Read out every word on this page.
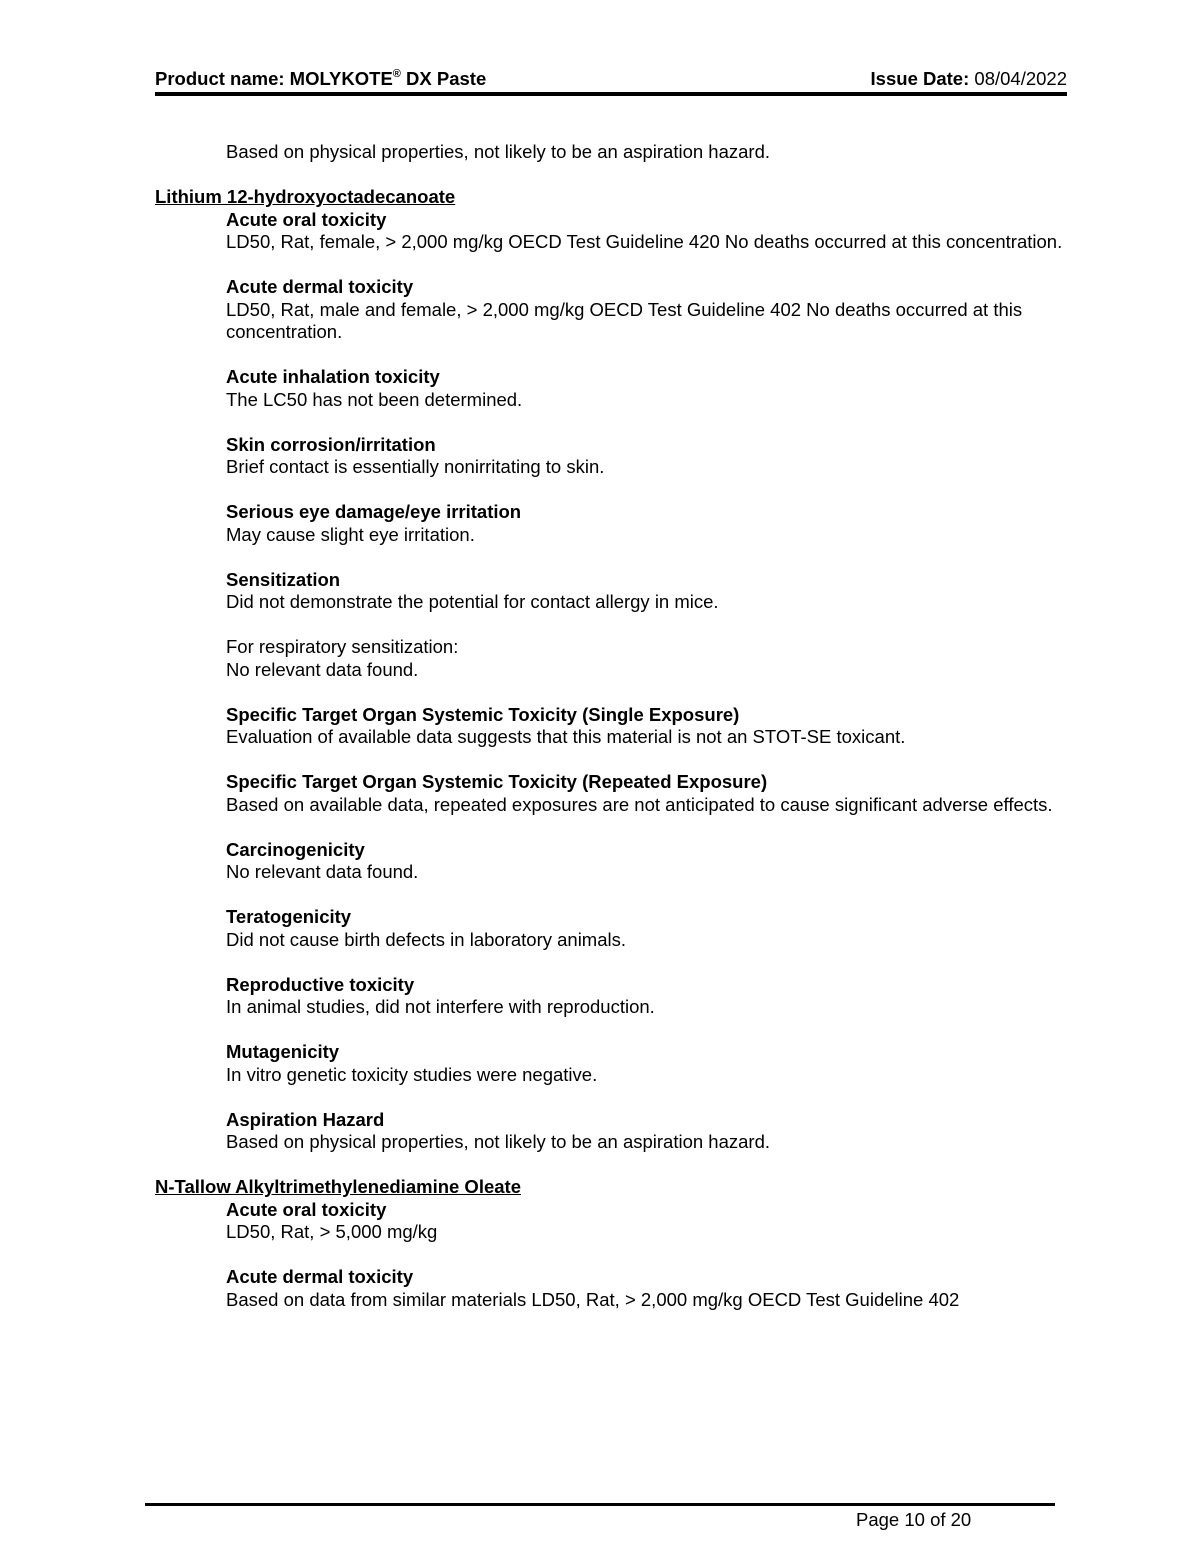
Product name: MOLYKOTE® DX Paste	Issue Date: 08/04/2022

Based on physical properties, not likely to be an aspiration hazard.

Lithium 12-hydroxyoctadecanoate

Acute oral toxicity
LD50, Rat, female, > 2,000 mg/kg OECD Test Guideline 420 No deaths occurred at this concentration.
Acute dermal toxicity
LD50, Rat, male and female, > 2,000 mg/kg OECD Test Guideline 402 No deaths occurred at this concentration.
Acute inhalation toxicity
The LC50 has not been determined.
Skin corrosion/irritation
Brief contact is essentially nonirritating to skin.
Serious eye damage/eye irritation
May cause slight eye irritation.
Sensitization
Did not demonstrate the potential for contact allergy in mice.
For respiratory sensitization:
No relevant data found.
Specific Target Organ Systemic Toxicity (Single Exposure)
Evaluation of available data suggests that this material is not an STOT-SE toxicant.
Specific Target Organ Systemic Toxicity (Repeated Exposure)
Based on available data, repeated exposures are not anticipated to cause significant adverse effects.
Carcinogenicity
No relevant data found.
Teratogenicity
Did not cause birth defects in laboratory animals.
Reproductive toxicity
In animal studies, did not interfere with reproduction.
Mutagenicity
In vitro genetic toxicity studies were negative.
Aspiration Hazard
Based on physical properties, not likely to be an aspiration hazard.

N-Tallow Alkyltrimethylenediamine Oleate

Acute oral toxicity
LD50, Rat, > 5,000 mg/kg
Acute dermal toxicity
Based on data from similar materials LD50, Rat, > 2,000 mg/kg OECD Test Guideline 402
Page 10 of 20
